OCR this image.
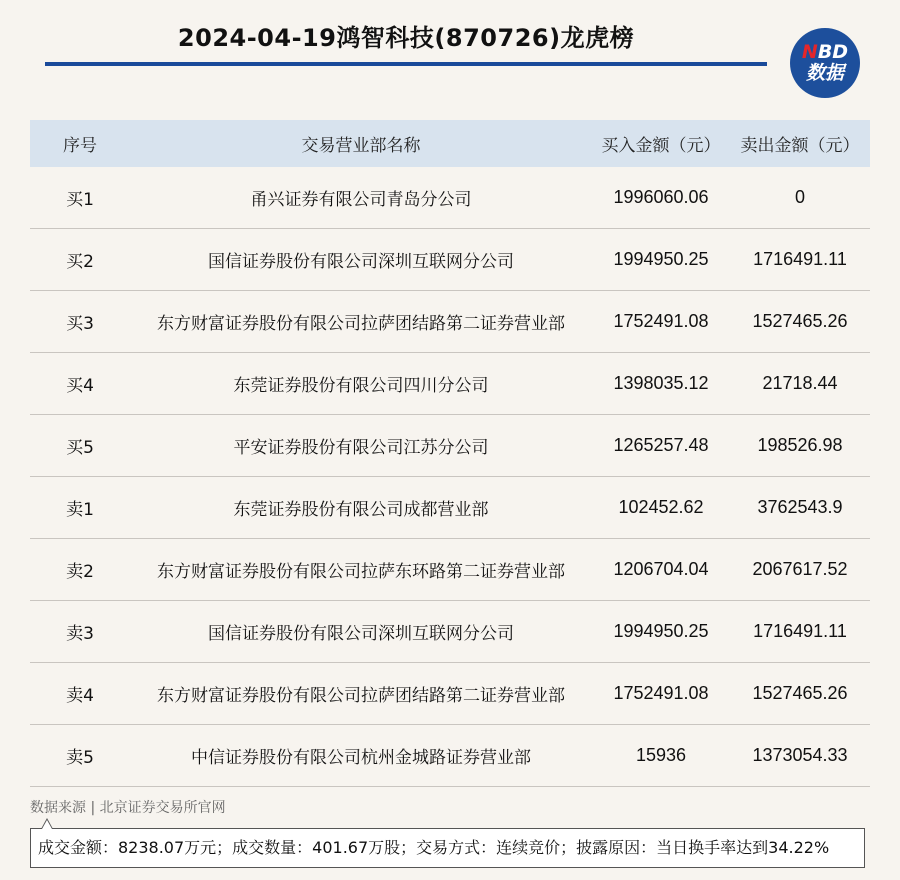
2024-04-19鸿智科技(870726)龙虎榜	NBD
数据
序号	交易营业部名称	买入金额（元）	卖出金额（元）
买1	甬兴证券有限公司青岛分公司	1996060.06	0
买2	国信证券股份有限公司深圳互联网分公司	1994950.25	1716491.11
买3	东方财富证券股份有限公司拉萨团结路第二证券营业部	1752491.08	1527465.26
买4	东莞证券股份有限公司四川分公司	1398035.12	21718.44
买5	平安证券股份有限公司江苏分公司	1265257.48	198526.98
卖1	东莞证券股份有限公司成都营业部	102452.62	3762543.9
卖2	东方财富证券股份有限公司拉萨东环路第二证券营业部	1206704.04	2067617.52
卖3	国信证券股份有限公司深圳互联网分公司	1994950.25	1716491.11
卖4	东方财富证券股份有限公司拉萨团结路第二证券营业部	1752491.08	1527465.26
卖5	中信证券股份有限公司杭州金城路证券营业部	15936	1373054.33
数据来源 | 北京证券交易所官网
成交金额：8238.07万元；成交数量：401.67万股；交易方式：连续竞价；披露原因：当日换手率达到34.22%
